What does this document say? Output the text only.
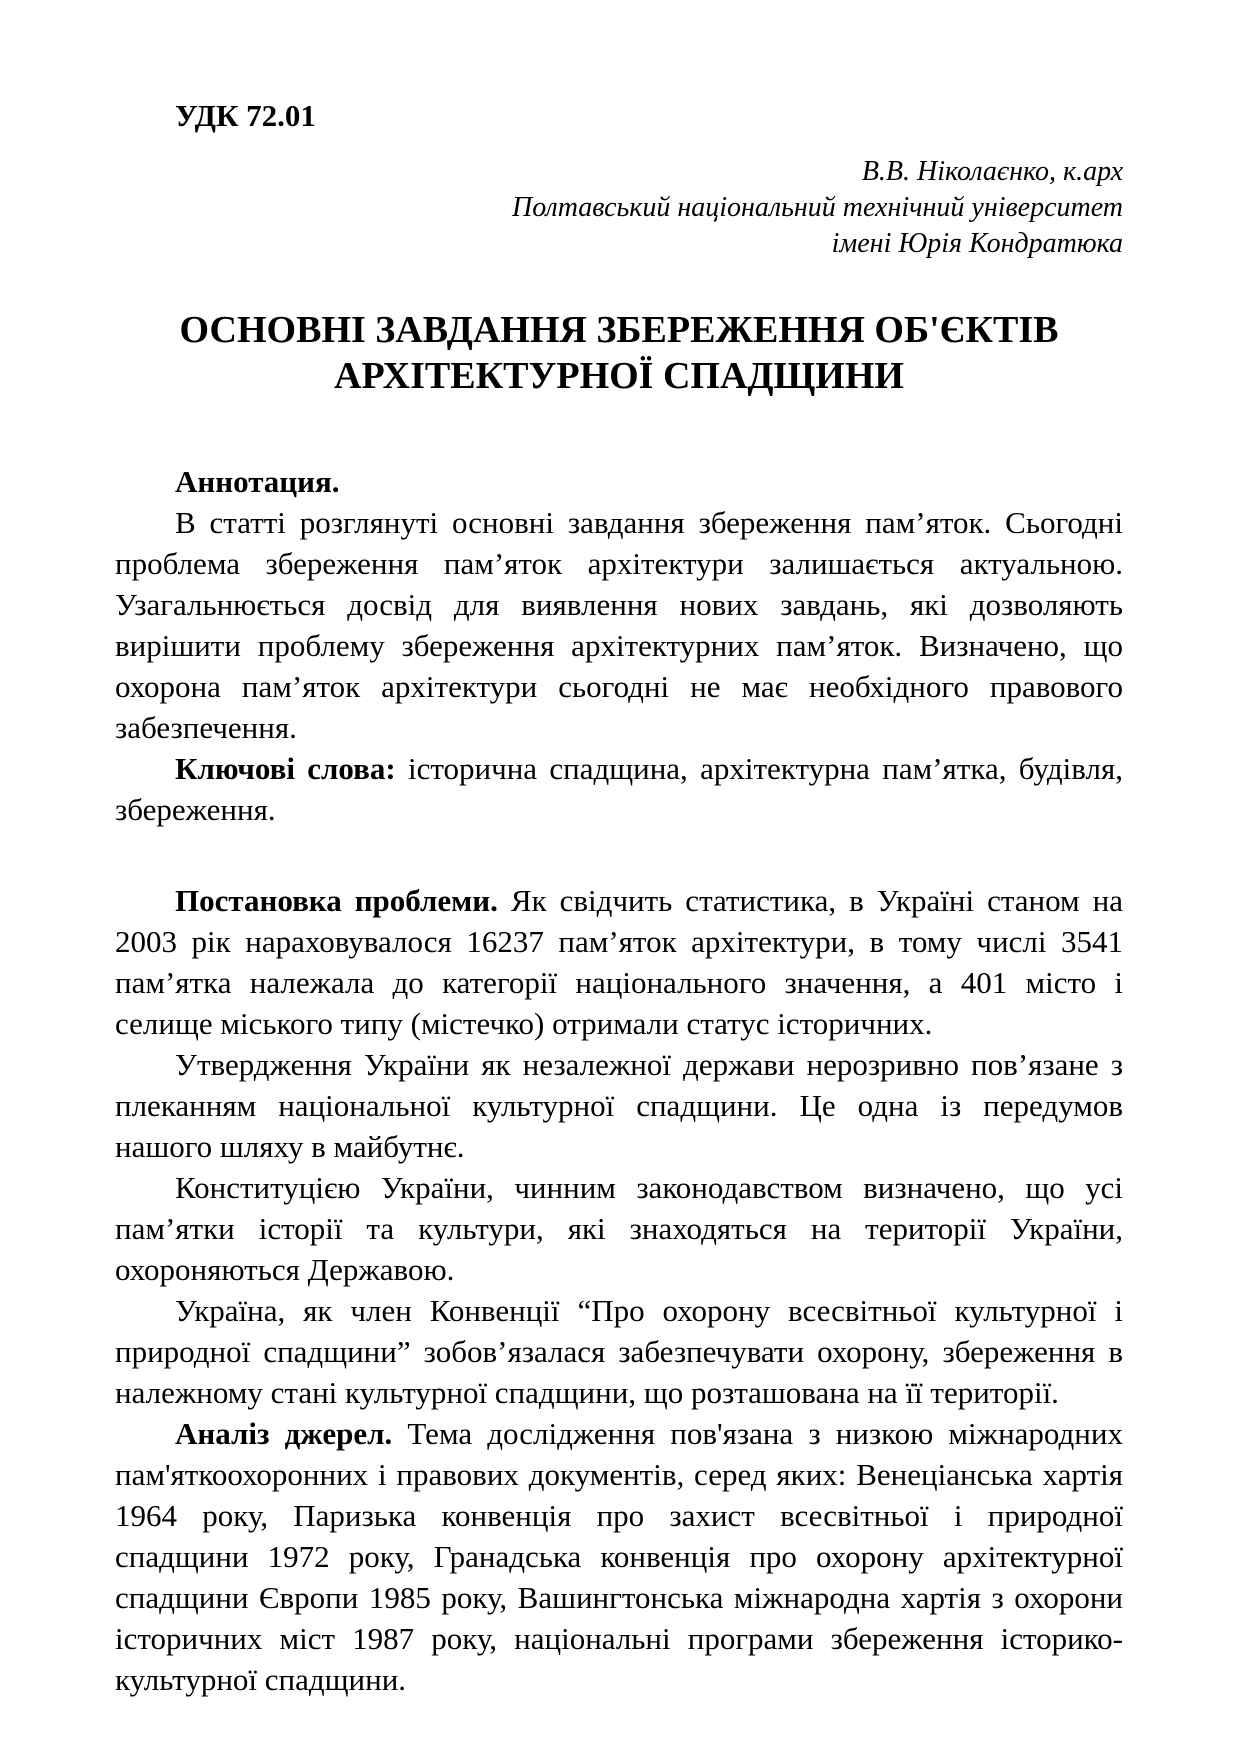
УДК 72.01

В.В. Ніколаєнко, к.арх
Полтавський національний технічний університет
імені Юрія Кондратюка
ОСНОВНІ ЗАВДАННЯ ЗБЕРЕЖЕННЯ ОБ'ЄКТІВ
АРХІТЕКТУРНОЇ СПАДЩИНИ

Аннотация.

В статті розглянуті основні завдання збереження пам’яток. Сьогодні проблема збереження пам’яток архітектури залишається актуальною. Узагальнюється досвід для виявлення нових завдань, які дозволяють вирішити проблему збереження архітектурних пам’яток. Визначено, що охорона пам’яток архітектури сьогодні не має необхідного правового забезпечення.

Ключові слова: історична спадщина, архітектурна пам’ятка, будівля, збереження.

Постановка проблеми. Як свідчить статистика, в Україні станом на 2003 рік нараховувалося 16237 пам’яток архітектури, в тому числі 3541 пам’ятка належала до категорії національного значення, а 401 місто і селище міського типу (містечко) отримали статус історичних.

Утвердження України як незалежної держави нерозривно пов’язане з плеканням національної культурної спадщини. Це одна із передумов нашого шляху в майбутнє.

Конституцією України, чинним законодавством визначено, що усі пам’ятки історії та культури, які знаходяться на території України, охороняються Державою.

Україна, як член Конвенції “Про охорону всесвітньої культурної і природної спадщини” зобов’язалася забезпечувати охорону, збереження в належному стані культурної спадщини, що розташована на її території.

Аналіз джерел. Тема дослідження пов'язана з низкою міжнародних пам'яткоохоронних і правових документів, серед яких: Венеціанська хартія 1964 року, Паризька конвенція про захист всесвітньої і природної спадщини 1972 року, Гранадська конвенція про охорону архітектурної спадщини Європи 1985 року, Вашингтонська міжнародна хартія з охорони історичних міст 1987 року, національні програми збереження історико-культурної спадщини.
